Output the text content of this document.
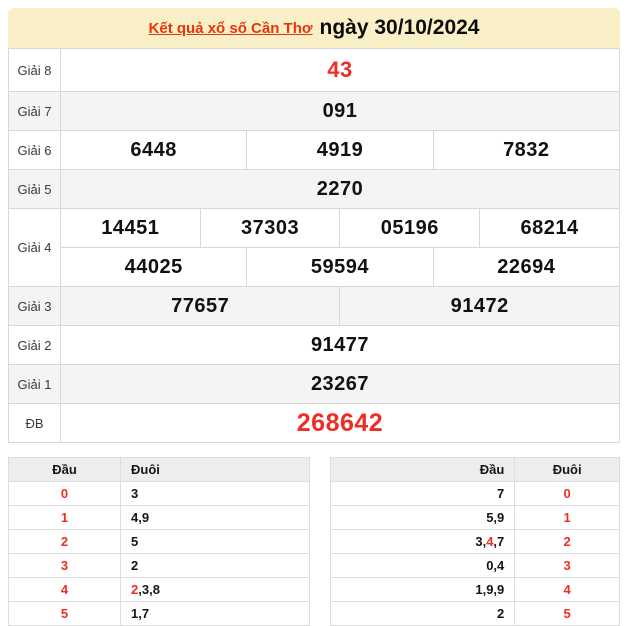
Kết quả xổ số Cần Thơ ngày 30/10/2024
Giải 8	43					
Giải 7	091					
Giải 6	6448		4919		7832	
Giải 5	2270					
Giải 4	14451	37303		05196		68214
	44025		59594		22694	
Giải 3	77657			91472		
Giải 2	91477					
Giải 1	23267					
ĐB	268642					
Đầu	Đuôi
0	3
1	4,9
2	5
3	2
4	2,3,8
5	1,7
Đầu	Đuôi
7	0
5,9	1
3,4,7	2
0,4	3
1,9,9	4
2	5
